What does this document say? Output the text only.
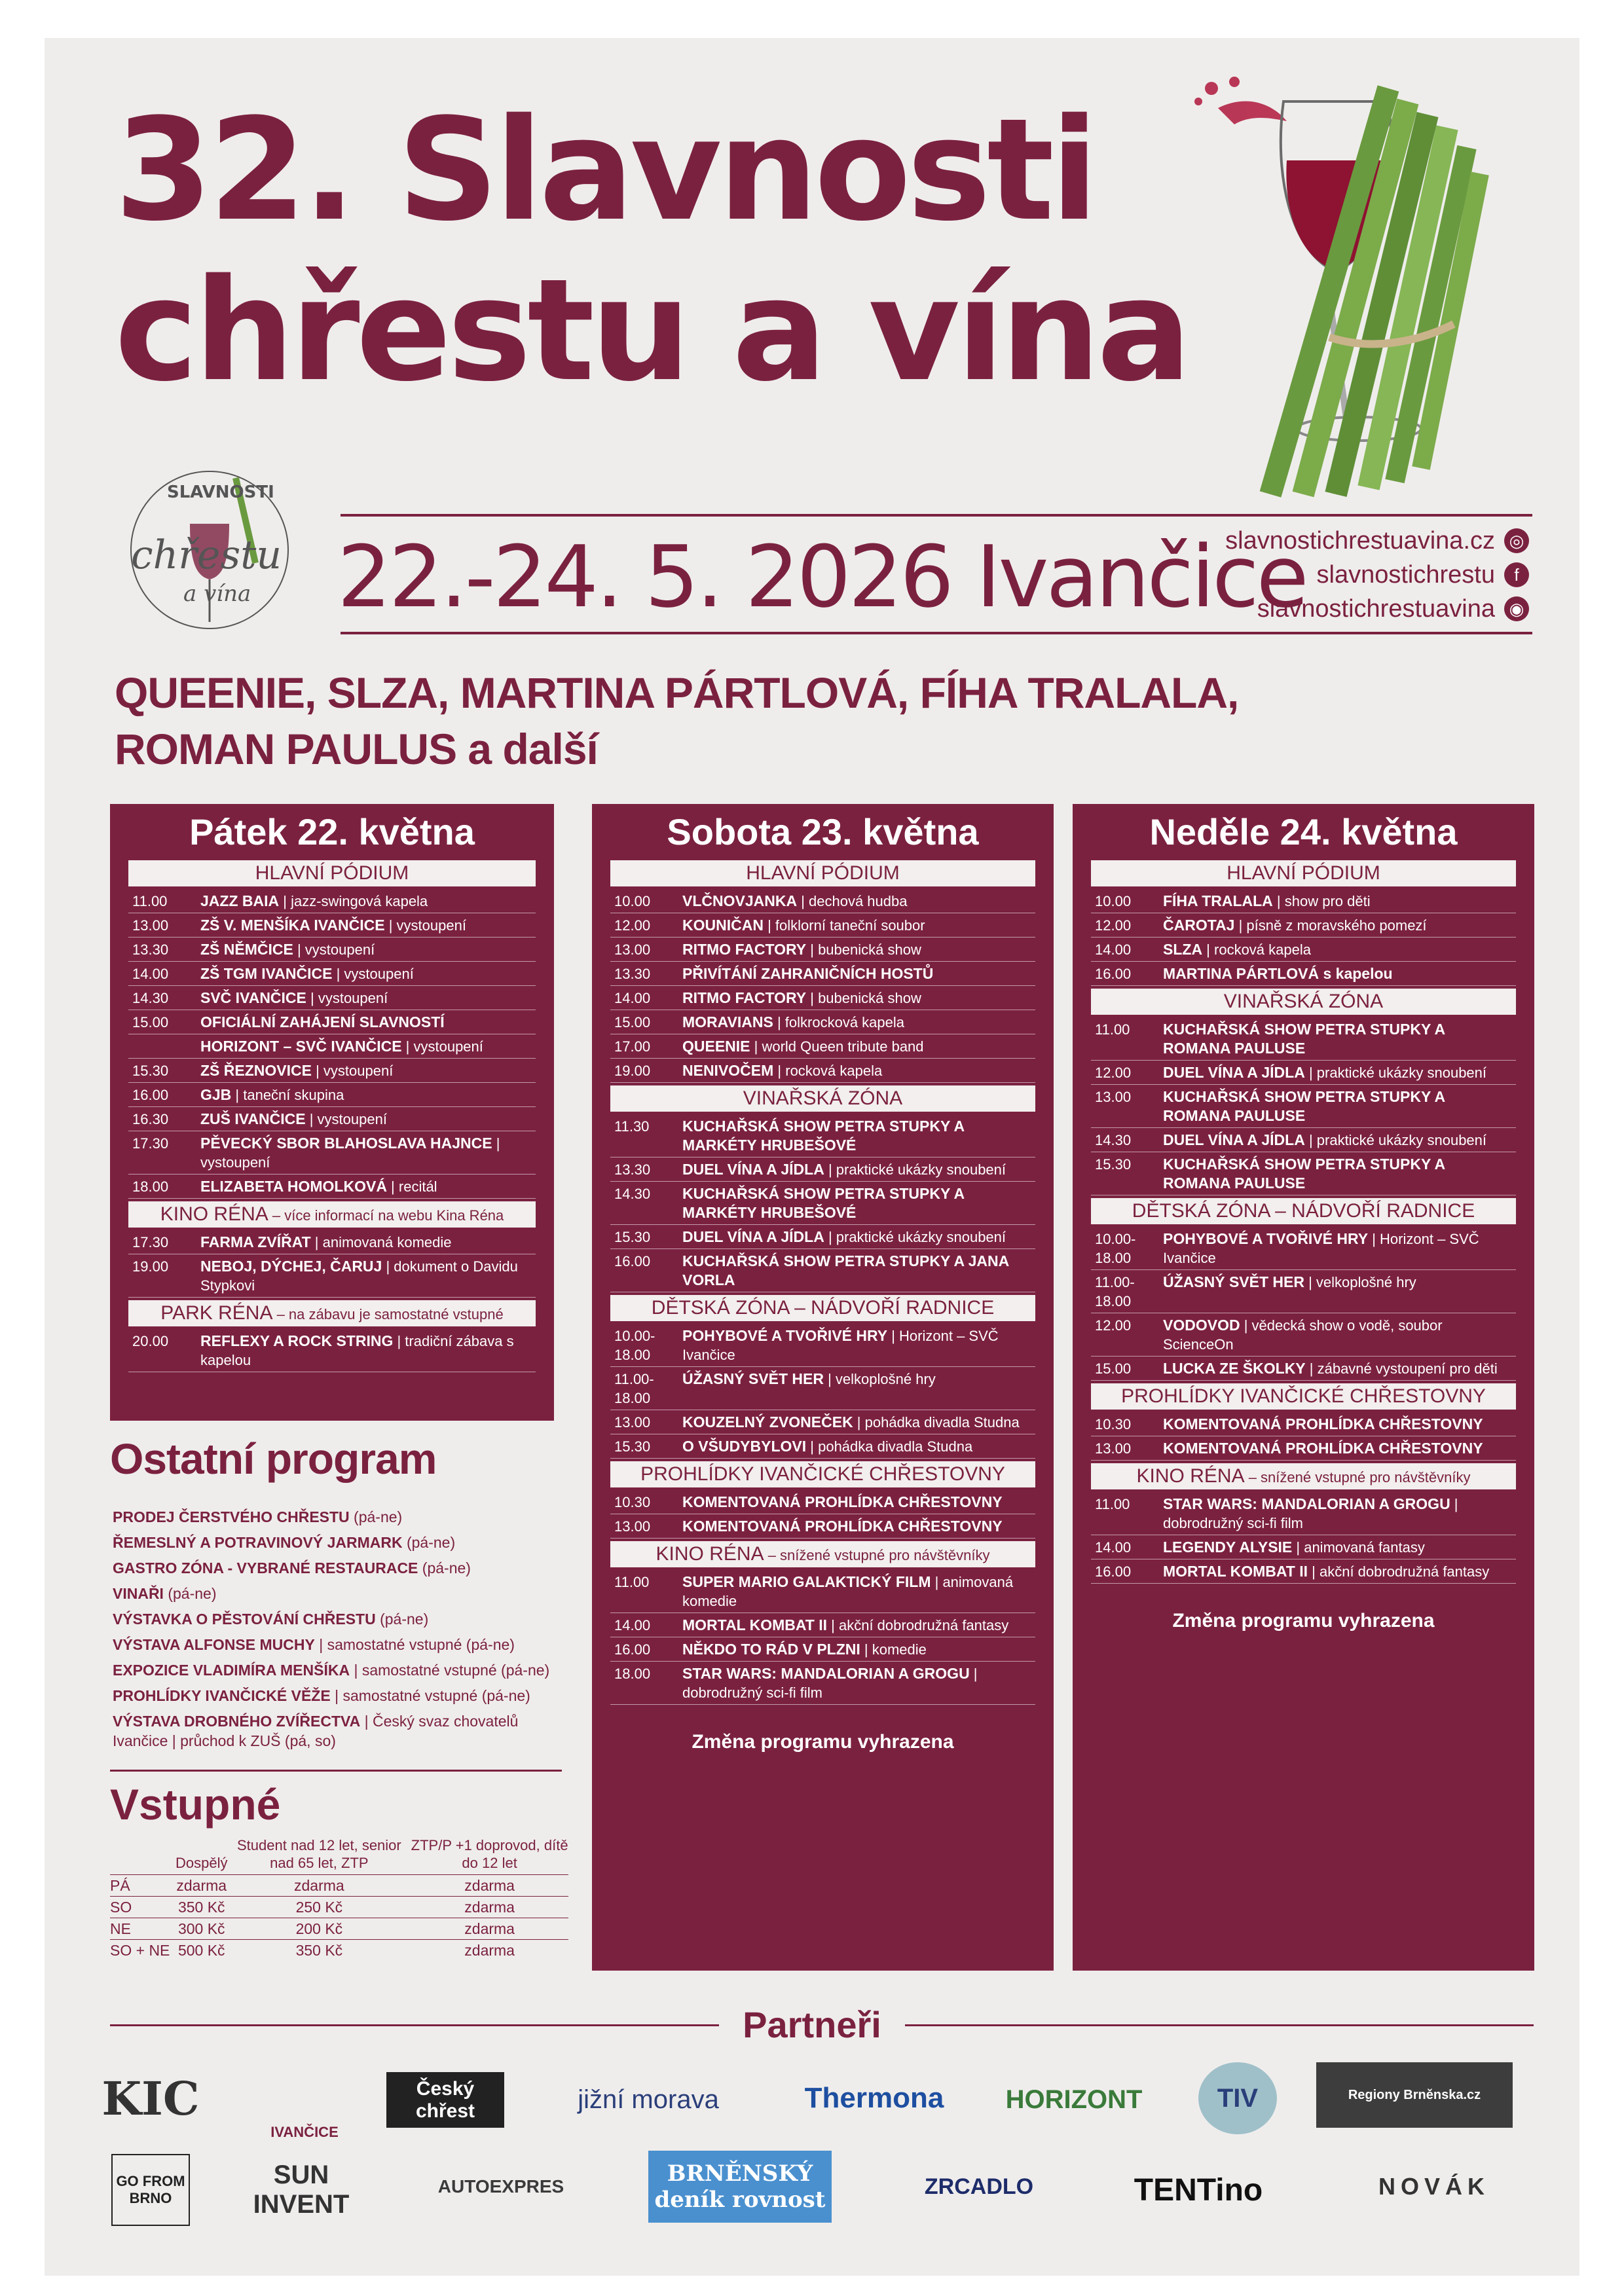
32. Slavnosti
chřestu a vína
SLAVNOSTI
chřestu
a vína 22.-24. 5. 2026 Ivančice
slavnostichrestuavina.cz ◎
slavnostichrestu	f
slavnostichrestuavina ◉
QUEENIE, SLZA, MARTINA PÁRTLOVÁ, FÍHA TRALALA,
ROMAN PAULUS a další
Pátek 22. května
HLAVNÍ PÓDIUM
11.00	JAZZ BAIA | jazz-swingová kapela
13.00	ZŠ V. MENŠÍKA IVANČICE | vystoupení
13.30	ZŠ NĚMČICE | vystoupení
14.00	ZŠ TGM IVANČICE | vystoupení
14.30	SVČ IVANČICE | vystoupení
15.00	OFICIÁLNÍ ZAHÁJENÍ SLAVNOSTÍ
HORIZONT – SVČ IVANČICE | vystoupení
15.30	ZŠ ŘEZNOVICE | vystoupení
16.00	GJB | taneční skupina
16.30	ZUŠ IVANČICE | vystoupení
17.30	PĚVECKÝ SBOR BLAHOSLAVA HAJNCE | vystoupení
18.00	ELIZABETA HOMOLKOVÁ | recitál
KINO RÉNA – více informací na webu Kina Réna
17.30	FARMA ZVÍŘAT | animovaná komedie
19.00	NEBOJ, DÝCHEJ, ČARUJ | dokument o Davidu Stypkovi
PARK RÉNA – na zábavu je samostatné vstupné
20.00	REFLEXY A ROCK STRING | tradiční zábava s kapelou
Sobota 23. května
HLAVNÍ PÓDIUM
10.00	VLČNOVJANKA | dechová hudba
12.00	KOUNIČAN | folklorní taneční soubor
13.00	RITMO FACTORY | bubenická show
13.30	PŘIVÍTÁNÍ ZAHRANIČNÍCH HOSTŮ
14.00	RITMO FACTORY | bubenická show
15.00	MORAVIANS | folkrocková kapela
17.00	QUEENIE | world Queen tribute band
19.00	NENIVOČEM | rocková kapela
VINAŘSKÁ ZÓNA
11.30	KUCHAŘSKÁ SHOW PETRA STUPKY A MARKÉTY HRUBEŠOVÉ
13.30	DUEL VÍNA A JÍDLA | praktické ukázky snoubení
14.30	KUCHAŘSKÁ SHOW PETRA STUPKY A MARKÉTY HRUBEŠOVÉ
15.30	DUEL VÍNA A JÍDLA | praktické ukázky snoubení
16.00	KUCHAŘSKÁ SHOW PETRA STUPKY A JANA VORLA
DĚTSKÁ ZÓNA – NÁDVOŘÍ RADNICE
10.00-18.00
POHYBOVÉ A TVOŘIVÉ HRY | Horizont – SVČ Ivančice
11.00-18.00
ÚŽASNÝ SVĚT HER | velkoplošné hry
13.00	KOUZELNÝ ZVONEČEK | pohádka divadla Studna
15.30	O VŠUDYBYLOVI | pohádka divadla Studna
PROHLÍDKY IVANČICKÉ CHŘESTOVNY
10.30	KOMENTOVANÁ PROHLÍDKA CHŘESTOVNY
13.00	KOMENTOVANÁ PROHLÍDKA CHŘESTOVNY
KINO RÉNA – snížené vstupné pro návštěvníky
11.00	SUPER MARIO GALAKTICKÝ FILM | animovaná komedie
14.00	MORTAL KOMBAT II | akční dobrodružná fantasy
16.00	NĚKDO TO RÁD V PLZNI | komedie
18.00	STAR WARS: MANDALORIAN A GROGU | dobrodružný sci-fi film
Změna programu vyhrazena
Neděle 24. května
HLAVNÍ PÓDIUM
10.00	FÍHA TRALALA | show pro děti
12.00	ČAROTAJ | písně z moravského pomezí
14.00	SLZA | rocková kapela
16.00	MARTINA PÁRTLOVÁ s kapelou
VINAŘSKÁ ZÓNA
11.00	KUCHAŘSKÁ SHOW PETRA STUPKY A ROMANA PAULUSE
12.00	DUEL VÍNA A JÍDLA | praktické ukázky snoubení
13.00	KUCHAŘSKÁ SHOW PETRA STUPKY A ROMANA PAULUSE
14.30	DUEL VÍNA A JÍDLA | praktické ukázky snoubení
15.30	KUCHAŘSKÁ SHOW PETRA STUPKY A ROMANA PAULUSE
DĚTSKÁ ZÓNA – NÁDVOŘÍ RADNICE
10.00-18.00
POHYBOVÉ A TVOŘIVÉ HRY | Horizont – SVČ Ivančice
11.00-18.00
ÚŽASNÝ SVĚT HER | velkoplošné hry
12.00	VODOVOD | vědecká show o vodě, soubor ScienceOn
15.00	LUCKA ZE ŠKOLKY | zábavné vystoupení pro děti
PROHLÍDKY IVANČICKÉ CHŘESTOVNY
10.30	KOMENTOVANÁ PROHLÍDKA CHŘESTOVNY
13.00	KOMENTOVANÁ PROHLÍDKA CHŘESTOVNY
KINO RÉNA – snížené vstupné pro návštěvníky
11.00	STAR WARS: MANDALORIAN A GROGU | dobrodružný sci-fi film
14.00	LEGENDY ALYSIE | animovaná fantasy
16.00	MORTAL KOMBAT II | akční dobrodružná fantasy
Změna programu vyhrazena
Ostatní program
PRODEJ ČERSTVÉHO CHŘESTU (pá-ne)
ŘEMESLNÝ A POTRAVINOVÝ JARMARK (pá-ne)
GASTRO ZÓNA - VYBRANÉ RESTAURACE (pá-ne)
VINAŘI (pá-ne)
VÝSTAVKA O PĚSTOVÁNÍ CHŘESTU (pá-ne)
VÝSTAVA ALFONSE MUCHY | samostatné vstupné (pá-ne)
EXPOZICE VLADIMÍRA MENŠÍKA | samostatné vstupné (pá-ne)
PROHLÍDKY IVANČICKÉ VĚŽE | samostatné vstupné (pá-ne)
VÝSTAVA DROBNÉHO ZVÍŘECTVA | Český svaz chovatelů Ivančice | průchod k ZUŠ (pá, so)
Vstupné
	Dospělý	Student nad 12 let, senior nad 65 let, ZTP	ZTP/P +1 doprovod, dítě do 12 let
PÁ	zdarma	zdarma	zdarma
SO	350 Kč	250 Kč	zdarma
NE	300 Kč	200 Kč	zdarma
SO + NE	500 Kč	350 Kč	zdarma
Partneři
KIC
IVANČICE
Český chřest	jižní morava	Thermona	HORIZONT	TIV	Regiony Brněnska.cz
GO FROM BRNO
SUN INVENT
AUTOEXPRES	BRNĚNSKÝ deník rovnost
ZRCADLO	TENTino	NOVÁK
